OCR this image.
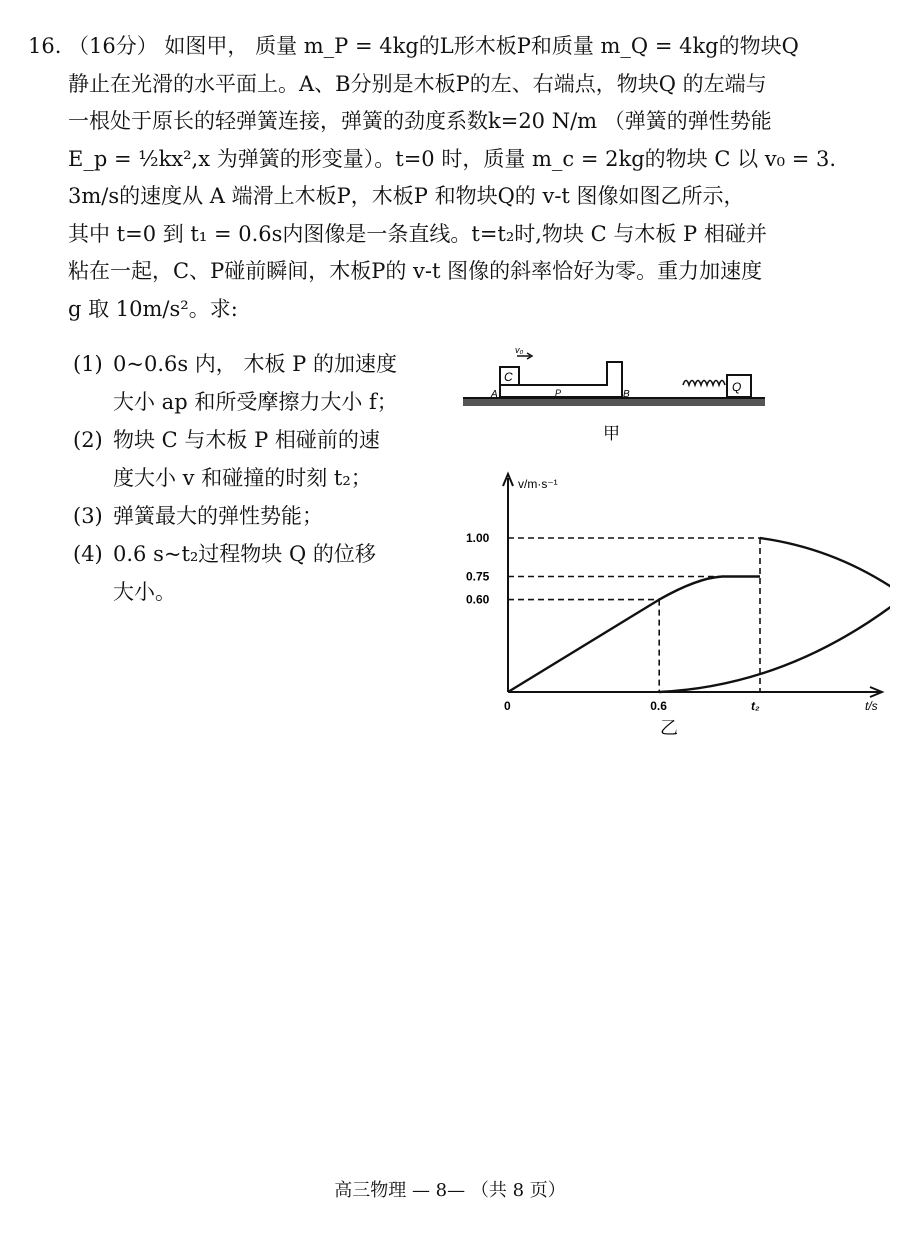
16. （16分） 如图甲， 质量 m_P = 4kg的L形木板P和质量 m_Q = 4kg的物块Q

静止在光滑的水平面上。A、B分别是木板P的左、右端点，物块Q 的左端与

一根处于原长的轻弹簧连接，弹簧的劲度系数k=20 N/m （弹簧的弹性势能

E_p = ½kx²,x 为弹簧的形变量）。t=0 时，质量 m_c = 2kg的物块 C 以 v₀ = 3.

3m/s的速度从 A 端滑上木板P，木板P 和物块Q的 v-t 图像如图乙所示，

其中 t=0 到 t₁ = 0.6s内图像是一条直线。t=t₂时,物块 C 与木板 P 相碰并

粘在一起，C、P碰前瞬间，木板P的 v-t 图像的斜率恰好为零。重力加速度

g 取 10m/s²。求:

(1) 0~0.6s 内， 木板 P 的加速度
大小 ap 和所受摩擦力大小 f；

(2) 物块 C 与木板 P 相碰前的速
度大小 v 和碰撞的时刻 t₂；

(3) 弹簧最大的弹性势能；

(4) 0.6 s~t₂过程物块 Q 的位移
大小。

C
v₀
P
A	B
Q
甲
v/m·s⁻¹
t/s
0
1.00
0.75
0.60
0.6	t₂
乙
高三物理 — 8— （共 8 页）
